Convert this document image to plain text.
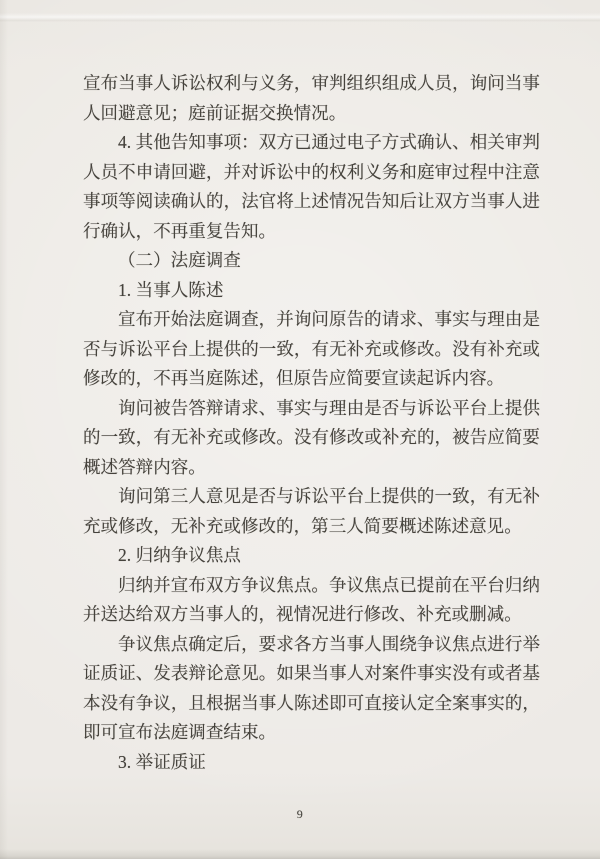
宣布当事人诉讼权利与义务，审判组织组成人员，询问当事
人回避意见；庭前证据交换情况。
4. 其他告知事项：双方已通过电子方式确认、相关审判
人员不申请回避，并对诉讼中的权利义务和庭审过程中注意
事项等阅读确认的，法官将上述情况告知后让双方当事人进
行确认，不再重复告知。
（二）法庭调查
1. 当事人陈述
宣布开始法庭调查，并询问原告的请求、事实与理由是
否与诉讼平台上提供的一致，有无补充或修改。没有补充或
修改的，不再当庭陈述，但原告应简要宣读起诉内容。
询问被告答辩请求、事实与理由是否与诉讼平台上提供
的一致，有无补充或修改。没有修改或补充的，被告应简要
概述答辩内容。
询问第三人意见是否与诉讼平台上提供的一致，有无补
充或修改，无补充或修改的，第三人简要概述陈述意见。
2. 归纳争议焦点
归纳并宣布双方争议焦点。争议焦点已提前在平台归纳
并送达给双方当事人的，视情况进行修改、补充或删减。
争议焦点确定后，要求各方当事人围绕争议焦点进行举
证质证、发表辩论意见。如果当事人对案件事实没有或者基
本没有争议，且根据当事人陈述即可直接认定全案事实的，
即可宣布法庭调查结束。
3. 举证质证
9
